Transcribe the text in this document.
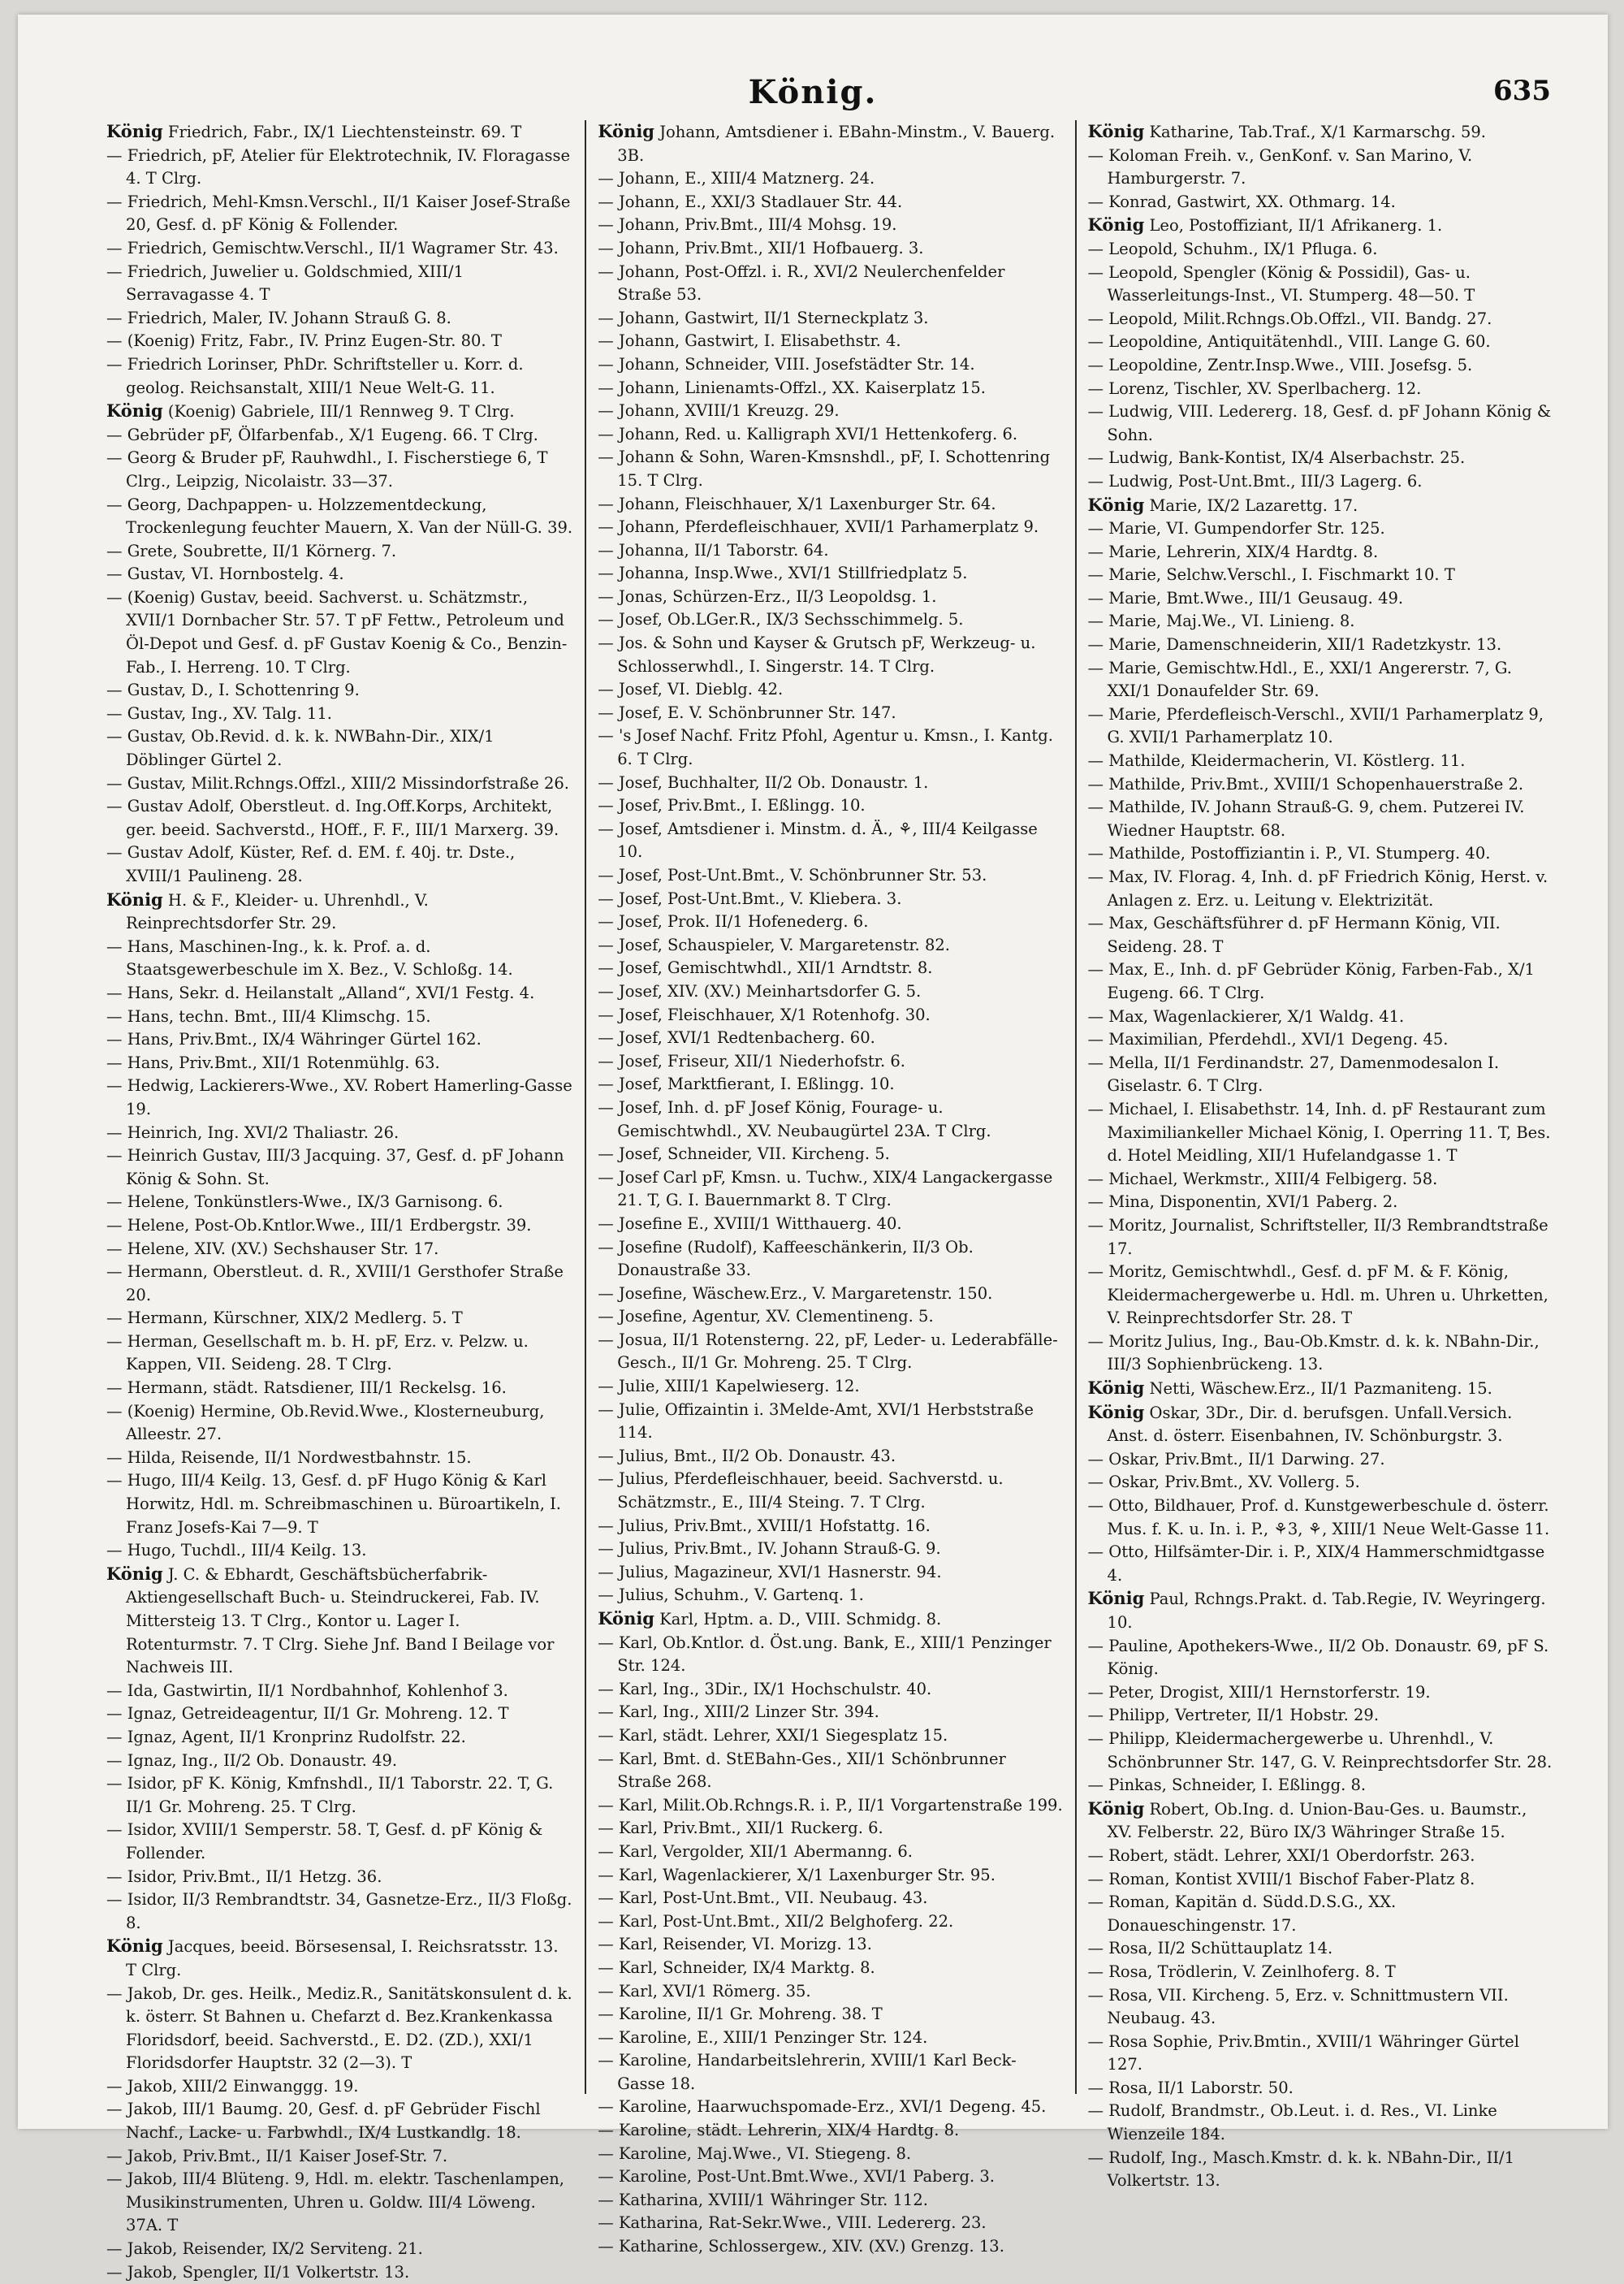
König.	635
König Friedrich, Fabr., IX/1 Liechtensteinstr. 69. T
— Friedrich, pF, Atelier für Elektrotechnik, IV. Floragasse 4. T Clrg.
— Friedrich, Mehl-Kmsn.Verschl., II/1 Kaiser Josef-Straße 20, Gesf. d. pF König & Follender.
— Friedrich, Gemischtw.Verschl., II/1 Wagramer Str. 43.
— Friedrich, Juwelier u. Goldschmied, XIII/1 Serravagasse 4. T
— Friedrich, Maler, IV. Johann Strauß G. 8.
— (Koenig) Fritz, Fabr., IV. Prinz Eugen-Str. 80. T
— Friedrich Lorinser, PhDr. Schriftsteller u. Korr. d. geolog. Reichsanstalt, XIII/1 Neue Welt-G. 11.
König (Koenig) Gabriele, III/1 Rennweg 9. T Clrg.
— Gebrüder pF, Ölfarbenfab., X/1 Eugeng. 66. T Clrg.
— Georg & Bruder pF, Rauhwdhl., I. Fischerstiege 6, T Clrg., Leipzig, Nicolaistr. 33—37.
— Georg, Dachpappen- u. Holzzementdeckung, Trockenlegung feuchter Mauern, X. Van der Nüll-G. 39.
— Grete, Soubrette, II/1 Körnerg. 7.
— Gustav, VI. Hornbostelg. 4.
— (Koenig) Gustav, beeid. Sachverst. u. Schätzmstr., XVII/1 Dornbacher Str. 57. T pF Fettw., Petroleum und Öl-Depot und Gesf. d. pF Gustav Koenig & Co., Benzin-Fab., I. Herreng. 10. T Clrg.
— Gustav, D., I. Schottenring 9.
— Gustav, Ing., XV. Talg. 11.
— Gustav, Ob.Revid. d. k. k. NWBahn-Dir., XIX/1 Döblinger Gürtel 2.
— Gustav, Milit.Rchngs.Offzl., XIII/2 Missindorfstraße 26.
— Gustav Adolf, Oberstleut. d. Ing.Off.Korps, Architekt, ger. beeid. Sachverstd., HOff., F. F., III/1 Marxerg. 39.
— Gustav Adolf, Küster, Ref. d. EM. f. 40j. tr. Dste., XVIII/1 Paulineng. 28.
König H. & F., Kleider- u. Uhrenhdl., V. Reinprechtsdorfer Str. 29.
— Hans, Maschinen-Ing., k. k. Prof. a. d. Staatsgewerbeschule im X. Bez., V. Schloßg. 14.
— Hans, Sekr. d. Heilanstalt „Alland“, XVI/1 Festg. 4.
— Hans, techn. Bmt., III/4 Klimschg. 15.
— Hans, Priv.Bmt., IX/4 Währinger Gürtel 162.
— Hans, Priv.Bmt., XII/1 Rotenmühlg. 63.
— Hedwig, Lackierers-Wwe., XV. Robert Hamerling-Gasse 19.
— Heinrich, Ing. XVI/2 Thaliastr. 26.
— Heinrich Gustav, III/3 Jacquing. 37, Gesf. d. pF Johann König & Sohn. St.
— Helene, Tonkünstlers-Wwe., IX/3 Garnisong. 6.
— Helene, Post-Ob.Kntlor.Wwe., III/1 Erdbergstr. 39.
— Helene, XIV. (XV.) Sechshauser Str. 17.
— Hermann, Oberstleut. d. R., XVIII/1 Gersthofer Straße 20.
— Hermann, Kürschner, XIX/2 Medlerg. 5. T
— Herman, Gesellschaft m. b. H. pF, Erz. v. Pelzw. u. Kappen, VII. Seideng. 28. T Clrg.
— Hermann, städt. Ratsdiener, III/1 Reckelsg. 16.
— (Koenig) Hermine, Ob.Revid.Wwe., Klosterneuburg, Alleestr. 27.
— Hilda, Reisende, II/1 Nordwestbahnstr. 15.
— Hugo, III/4 Keilg. 13, Gesf. d. pF Hugo König & Karl Horwitz, Hdl. m. Schreibmaschinen u. Büroartikeln, I. Franz Josefs-Kai 7—9. T
— Hugo, Tuchdl., III/4 Keilg. 13.
König J. C. & Ebhardt, Geschäftsbücherfabrik-Aktiengesellschaft Buch- u. Steindruckerei, Fab. IV. Mittersteig 13. T Clrg., Kontor u. Lager I. Rotenturmstr. 7. T Clrg. Siehe Jnf. Band I Beilage vor Nachweis III.
— Ida, Gastwirtin, II/1 Nordbahnhof, Kohlenhof 3.
— Ignaz, Getreideagentur, II/1 Gr. Mohreng. 12. T
— Ignaz, Agent, II/1 Kronprinz Rudolfstr. 22.
— Ignaz, Ing., II/2 Ob. Donaustr. 49.
— Isidor, pF K. König, Kmfnshdl., II/1 Taborstr. 22. T, G. II/1 Gr. Mohreng. 25. T Clrg.
— Isidor, XVIII/1 Semperstr. 58. T, Gesf. d. pF König & Follender.
— Isidor, Priv.Bmt., II/1 Hetzg. 36.
— Isidor, II/3 Rembrandtstr. 34, Gasnetze-Erz., II/3 Floßg. 8.
König Jacques, beeid. Börsesensal, I. Reichsratsstr. 13. T Clrg.
— Jakob, Dr. ges. Heilk., Mediz.R., Sanitätskonsulent d. k. k. österr. St Bahnen u. Chefarzt d. Bez.Krankenkassa Floridsdorf, beeid. Sachverstd., E. D2. (ZD.), XXI/1 Floridsdorfer Hauptstr. 32 (2—3). T
— Jakob, XIII/2 Einwanggg. 19.
— Jakob, III/1 Baumg. 20, Gesf. d. pF Gebrüder Fischl Nachf., Lacke- u. Farbwhdl., IX/4 Lustkandlg. 18.
— Jakob, Priv.Bmt., II/1 Kaiser Josef-Str. 7.
— Jakob, III/4 Blüteng. 9, Hdl. m. elektr. Taschenlampen, Musikinstrumenten, Uhren u. Goldw. III/4 Löweng. 37A. T
— Jakob, Reisender, IX/2 Serviteng. 21.
— Jakob, Spengler, II/1 Volkertstr. 13.
König Johann, Amtsdiener i. EBahn-Minstm., V. Bauerg. 3B.
— Johann, E., XIII/4 Matznerg. 24.
— Johann, E., XXI/3 Stadlauer Str. 44.
— Johann, Priv.Bmt., III/4 Mohsg. 19.
— Johann, Priv.Bmt., XII/1 Hofbauerg. 3.
— Johann, Post-Offzl. i. R., XVI/2 Neulerchenfelder Straße 53.
— Johann, Gastwirt, II/1 Sterneckplatz 3.
— Johann, Gastwirt, I. Elisabethstr. 4.
— Johann, Schneider, VIII. Josefstädter Str. 14.
— Johann, Linienamts-Offzl., XX. Kaiserplatz 15.
— Johann, XVIII/1 Kreuzg. 29.
— Johann, Red. u. Kalligraph XVI/1 Hettenkoferg. 6.
— Johann & Sohn, Waren-Kmsnshdl., pF, I. Schottenring 15. T Clrg.
— Johann, Fleischhauer, X/1 Laxenburger Str. 64.
— Johann, Pferdefleischhauer, XVII/1 Parhamerplatz 9.
— Johanna, II/1 Taborstr. 64.
— Johanna, Insp.Wwe., XVI/1 Stillfriedplatz 5.
— Jonas, Schürzen-Erz., II/3 Leopoldsg. 1.
— Josef, Ob.LGer.R., IX/3 Sechsschimmelg. 5.
— Jos. & Sohn und Kayser & Grutsch pF, Werkzeug- u. Schlosserwhdl., I. Singerstr. 14. T Clrg.
— Josef, VI. Dieblg. 42.
— Josef, E. V. Schönbrunner Str. 147.
— 's Josef Nachf. Fritz Pfohl, Agentur u. Kmsn., I. Kantg. 6. T Clrg.
— Josef, Buchhalter, II/2 Ob. Donaustr. 1.
— Josef, Priv.Bmt., I. Eßlingg. 10.
— Josef, Amtsdiener i. Minstm. d. Ä., ⚘, III/4 Keilgasse 10.
— Josef, Post-Unt.Bmt., V. Schönbrunner Str. 53.
— Josef, Post-Unt.Bmt., V. Kliebera. 3.
— Josef, Prok. II/1 Hofenederg. 6.
— Josef, Schauspieler, V. Margaretenstr. 82.
— Josef, Gemischtwhdl., XII/1 Arndtstr. 8.
— Josef, XIV. (XV.) Meinhartsdorfer G. 5.
— Josef, Fleischhauer, X/1 Rotenhofg. 30.
— Josef, XVI/1 Redtenbacherg. 60.
— Josef, Friseur, XII/1 Niederhofstr. 6.
— Josef, Marktfierant, I. Eßlingg. 10.
— Josef, Inh. d. pF Josef König, Fourage- u. Gemischtwhdl., XV. Neubaugürtel 23A. T Clrg.
— Josef, Schneider, VII. Kircheng. 5.
— Josef Carl pF, Kmsn. u. Tuchw., XIX/4 Langackergasse 21. T, G. I. Bauernmarkt 8. T Clrg.
— Josefine E., XVIII/1 Witthauerg. 40.
— Josefine (Rudolf), Kaffeeschänkerin, II/3 Ob. Donaustraße 33.
— Josefine, Wäschew.Erz., V. Margaretenstr. 150.
— Josefine, Agentur, XV. Clementineng. 5.
— Josua, II/1 Rotensterng. 22, pF, Leder- u. Lederabfälle-Gesch., II/1 Gr. Mohreng. 25. T Clrg.
— Julie, XIII/1 Kapelwieserg. 12.
— Julie, Offizaintin i. 3Melde-Amt, XVI/1 Herbststraße 114.
— Julius, Bmt., II/2 Ob. Donaustr. 43.
— Julius, Pferdefleischhauer, beeid. Sachverstd. u. Schätzmstr., E., III/4 Steing. 7. T Clrg.
— Julius, Priv.Bmt., XVIII/1 Hofstattg. 16.
— Julius, Priv.Bmt., IV. Johann Strauß-G. 9.
— Julius, Magazineur, XVI/1 Hasnerstr. 94.
— Julius, Schuhm., V. Gartenq. 1.
König Karl, Hptm. a. D., VIII. Schmidg. 8.
— Karl, Ob.Kntlor. d. Öst.ung. Bank, E., XIII/1 Penzinger Str. 124.
— Karl, Ing., 3Dir., IX/1 Hochschulstr. 40.
— Karl, Ing., XIII/2 Linzer Str. 394.
— Karl, städt. Lehrer, XXI/1 Siegesplatz 15.
— Karl, Bmt. d. StEBahn-Ges., XII/1 Schönbrunner Straße 268.
— Karl, Milit.Ob.Rchngs.R. i. P., II/1 Vorgartenstraße 199.
— Karl, Priv.Bmt., XII/1 Ruckerg. 6.
— Karl, Vergolder, XII/1 Abermanng. 6.
— Karl, Wagenlackierer, X/1 Laxenburger Str. 95.
— Karl, Post-Unt.Bmt., VII. Neubaug. 43.
— Karl, Post-Unt.Bmt., XII/2 Belghoferg. 22.
— Karl, Reisender, VI. Morizg. 13.
— Karl, Schneider, IX/4 Marktg. 8.
— Karl, XVI/1 Römerg. 35.
— Karoline, II/1 Gr. Mohreng. 38. T
— Karoline, E., XIII/1 Penzinger Str. 124.
— Karoline, Handarbeitslehrerin, XVIII/1 Karl Beck-Gasse 18.
— Karoline, Haarwuchspomade-Erz., XVI/1 Degeng. 45.
— Karoline, städt. Lehrerin, XIX/4 Hardtg. 8.
— Karoline, Maj.Wwe., VI. Stiegeng. 8.
— Karoline, Post-Unt.Bmt.Wwe., XVI/1 Paberg. 3.
— Katharina, XVIII/1 Währinger Str. 112.
— Katharina, Rat-Sekr.Wwe., VIII. Ledererg. 23.
— Katharine, Schlossergew., XIV. (XV.) Grenzg. 13.
König Katharine, Tab.Traf., X/1 Karmarschg. 59.
— Koloman Freih. v., GenKonf. v. San Marino, V. Hamburgerstr. 7.
— Konrad, Gastwirt, XX. Othmarg. 14.
König Leo, Postoffiziant, II/1 Afrikanerg. 1.
— Leopold, Schuhm., IX/1 Pfluga. 6.
— Leopold, Spengler (König & Possidil), Gas- u. Wasserleitungs-Inst., VI. Stumperg. 48—50. T
— Leopold, Milit.Rchngs.Ob.Offzl., VII. Bandg. 27.
— Leopoldine, Antiquitätenhdl., VIII. Lange G. 60.
— Leopoldine, Zentr.Insp.Wwe., VIII. Josefsg. 5.
— Lorenz, Tischler, XV. Sperlbacherg. 12.
— Ludwig, VIII. Ledererg. 18, Gesf. d. pF Johann König & Sohn.
— Ludwig, Bank-Kontist, IX/4 Alserbachstr. 25.
— Ludwig, Post-Unt.Bmt., III/3 Lagerg. 6.
König Marie, IX/2 Lazarettg. 17.
— Marie, VI. Gumpendorfer Str. 125.
— Marie, Lehrerin, XIX/4 Hardtg. 8.
— Marie, Selchw.Verschl., I. Fischmarkt 10. T
— Marie, Bmt.Wwe., III/1 Geusaug. 49.
— Marie, Maj.We., VI. Linieng. 8.
— Marie, Damenschneiderin, XII/1 Radetzkystr. 13.
— Marie, Gemischtw.Hdl., E., XXI/1 Angererstr. 7, G. XXI/1 Donaufelder Str. 69.
— Marie, Pferdefleisch-Verschl., XVII/1 Parhamerplatz 9, G. XVII/1 Parhamerplatz 10.
— Mathilde, Kleidermacherin, VI. Köstlerg. 11.
— Mathilde, Priv.Bmt., XVIII/1 Schopenhauerstraße 2.
— Mathilde, IV. Johann Strauß-G. 9, chem. Putzerei IV. Wiedner Hauptstr. 68.
— Mathilde, Postoffiziantin i. P., VI. Stumperg. 40.
— Max, IV. Florag. 4, Inh. d. pF Friedrich König, Herst. v. Anlagen z. Erz. u. Leitung v. Elektrizität.
— Max, Geschäftsführer d. pF Hermann König, VII. Seideng. 28. T
— Max, E., Inh. d. pF Gebrüder König, Farben-Fab., X/1 Eugeng. 66. T Clrg.
— Max, Wagenlackierer, X/1 Waldg. 41.
— Maximilian, Pferdehdl., XVI/1 Degeng. 45.
— Mella, II/1 Ferdinandstr. 27, Damenmodesalon I. Giselastr. 6. T Clrg.
— Michael, I. Elisabethstr. 14, Inh. d. pF Restaurant zum Maximiliankeller Michael König, I. Operring 11. T, Bes. d. Hotel Meidling, XII/1 Hufelandgasse 1. T
— Michael, Werkmstr., XIII/4 Felbigerg. 58.
— Mina, Disponentin, XVI/1 Paberg. 2.
— Moritz, Journalist, Schriftsteller, II/3 Rembrandtstraße 17.
— Moritz, Gemischtwhdl., Gesf. d. pF M. & F. König, Kleidermachergewerbe u. Hdl. m. Uhren u. Uhrketten, V. Reinprechtsdorfer Str. 28. T
— Moritz Julius, Ing., Bau-Ob.Kmstr. d. k. k. NBahn-Dir., III/3 Sophienbrückeng. 13.
König Netti, Wäschew.Erz., II/1 Pazmaniteng. 15.
König Oskar, 3Dr., Dir. d. berufsgen. Unfall.Versich. Anst. d. österr. Eisenbahnen, IV. Schönburgstr. 3.
— Oskar, Priv.Bmt., II/1 Darwing. 27.
— Oskar, Priv.Bmt., XV. Vollerg. 5.
— Otto, Bildhauer, Prof. d. Kunstgewerbeschule d. österr. Mus. f. K. u. In. i. P., ⚘3, ⚘, XIII/1 Neue Welt-Gasse 11.
— Otto, Hilfsämter-Dir. i. P., XIX/4 Hammerschmidtgasse 4.
König Paul, Rchngs.Prakt. d. Tab.Regie, IV. Weyringerg. 10.
— Pauline, Apothekers-Wwe., II/2 Ob. Donaustr. 69, pF S. König.
— Peter, Drogist, XIII/1 Hernstorferstr. 19.
— Philipp, Vertreter, II/1 Hobstr. 29.
— Philipp, Kleidermachergewerbe u. Uhrenhdl., V. Schönbrunner Str. 147, G. V. Reinprechtsdorfer Str. 28.
— Pinkas, Schneider, I. Eßlingg. 8.
König Robert, Ob.Ing. d. Union-Bau-Ges. u. Baumstr., XV. Felberstr. 22, Büro IX/3 Währinger Straße 15.
— Robert, städt. Lehrer, XXI/1 Oberdorfstr. 263.
— Roman, Kontist XVIII/1 Bischof Faber-Platz 8.
— Roman, Kapitän d. Südd.D.S.G., XX. Donaueschingenstr. 17.
— Rosa, II/2 Schüttauplatz 14.
— Rosa, Trödlerin, V. Zeinlhoferg. 8. T
— Rosa, VII. Kircheng. 5, Erz. v. Schnittmustern VII. Neubaug. 43.
— Rosa Sophie, Priv.Bmtin., XVIII/1 Währinger Gürtel 127.
— Rosa, II/1 Laborstr. 50.
— Rudolf, Brandmstr., Ob.Leut. i. d. Res., VI. Linke Wienzeile 184.
— Rudolf, Ing., Masch.Kmstr. d. k. k. NBahn-Dir., II/1 Volkertstr. 13.
